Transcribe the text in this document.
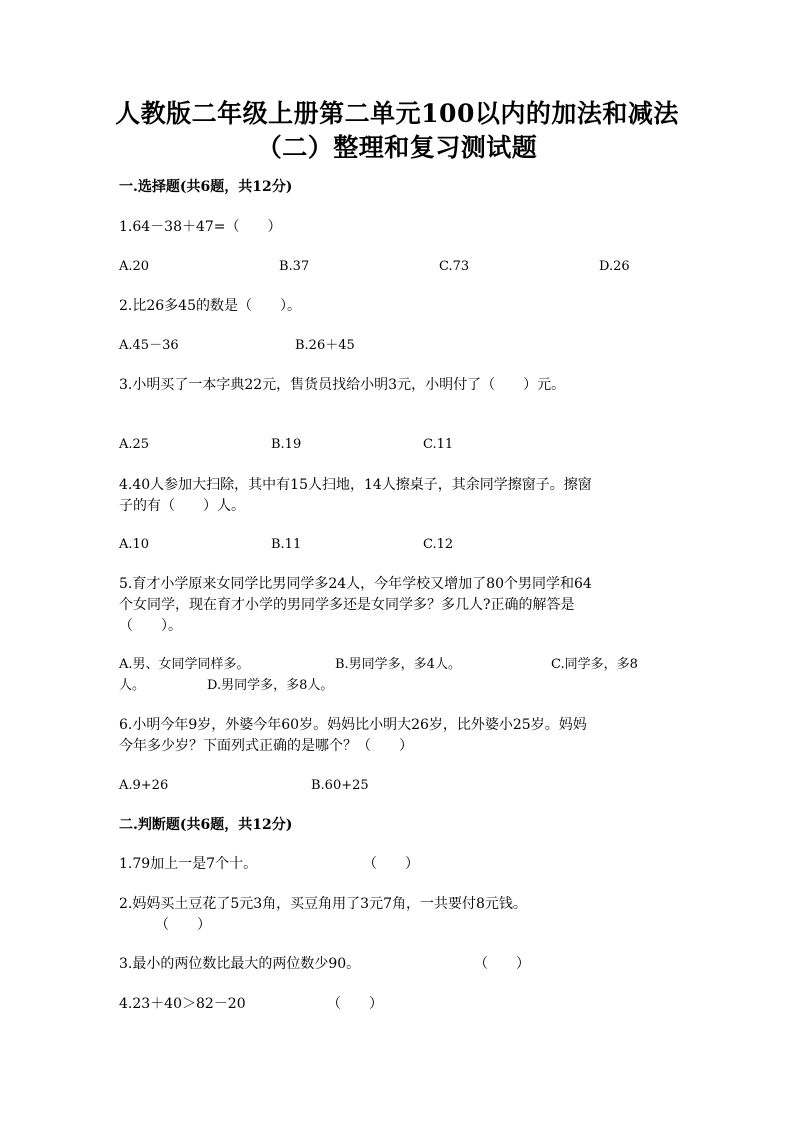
人教版二年级上册第二单元100以内的加法和减法
（二）整理和复习测试题
一.选择题(共6题，共12分)
1.64－38＋47=（　　）
A.20	B.37	C.73	D.26
2.比26多45的数是（　　）。
A.45－36	B.26＋45
3.小明买了一本字典22元，售货员找给小明3元，小明付了（　　）元。
A.25	B.19	C.11
4.40人参加大扫除，其中有15人扫地，14人擦桌子，其余同学擦窗子。擦窗
子的有（　　）人。
A.10	B.11	C.12
5.育才小学原来女同学比男同学多24人，今年学校又增加了80个男同学和64
个女同学，现在育才小学的男同学多还是女同学多？多几人?正确的解答是
（　　）。
A.男、女同学同样多。	B.男同学多，多4人。	C.同学多，多8
人。	D.男同学多，多8人。
6.小明今年9岁，外婆今年60岁。妈妈比小明大26岁，比外婆小25岁。妈妈
今年多少岁？下面列式正确的是哪个？（　　）
A.9+26	B.60+25
二.判断题(共6题，共12分)
1.79加上一是7个十。	（　　）
2.妈妈买土豆花了5元3角，买豆角用了3元7角，一共要付8元钱。
（　　）
3.最小的两位数比最大的两位数少90。	（　　）
4.23＋40＞82－20	（　　）
